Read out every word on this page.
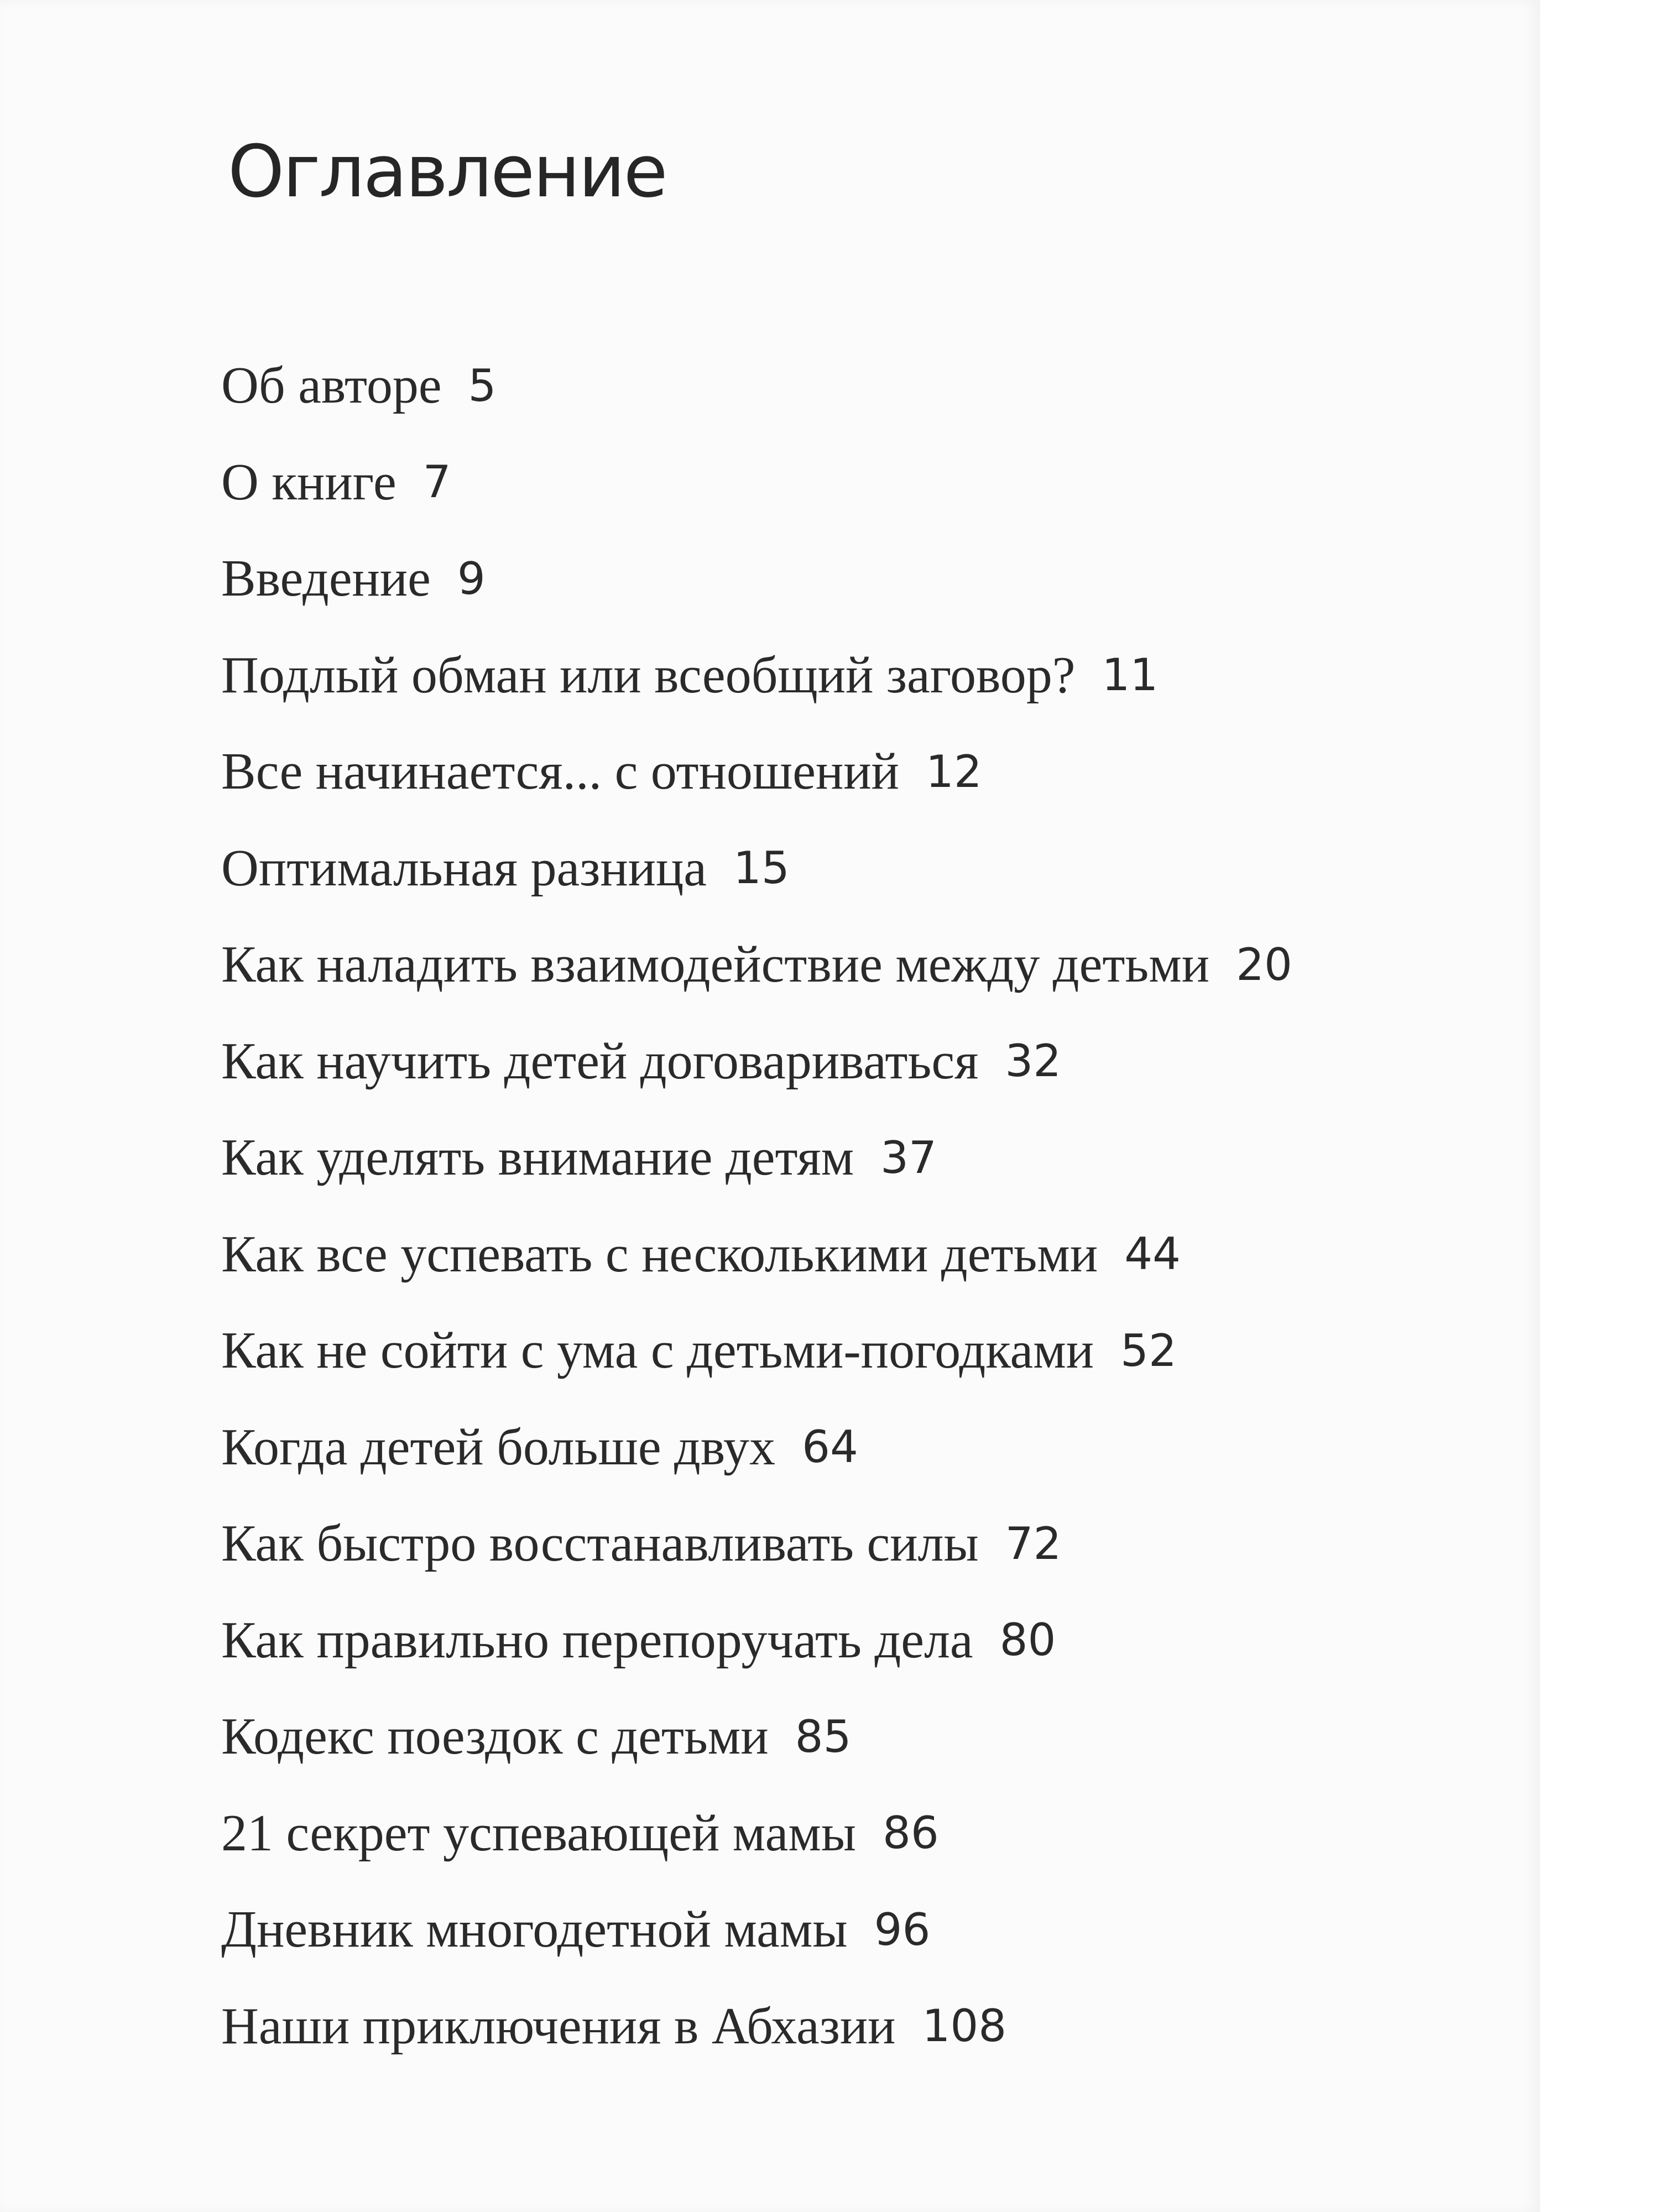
Оглавление
Об авторе 5
О книге 7
Введение 9
Подлый обман или всеобщий заговор? 11
Все начинается... с отношений 12
Оптимальная разница 15
Как наладить взаимодействие между детьми 20
Как научить детей договариваться 32
Как уделять внимание детям 37
Как все успевать с несколькими детьми 44
Как не сойти с ума с детьми-погодками 52
Когда детей больше двух 64
Как быстро восстанавливать силы 72
Как правильно перепоручать дела 80
Кодекс поездок с детьми 85
21 секрет успевающей мамы 86
Дневник многодетной мамы 96
Наши приключения в Абхазии 108
